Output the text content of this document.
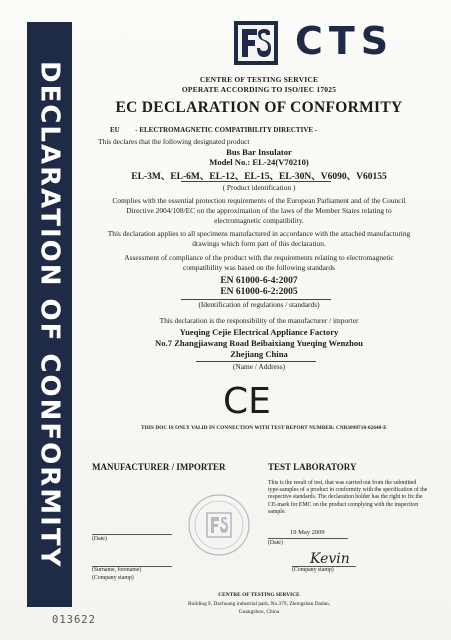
DECLARATION OF CONFORMITY
CTS
CENTRE OF TESTING SERVICE
OPERATE ACCORDING TO ISO/IEC 17025
EC DECLARATION OF CONFORMITY
EU - ELECTROMAGNETIC COMPATIBILITY DIRECTIVE -
This declares that the following designated product
Bus Bar Insulator
Model No.: EL-24(V70210)
EL-3M、EL-6M、EL-12、EL-15、EL-30N、V6090、V60155
( Product identification )
Complies with the essential protection requirements of the European Parliament and of the Council
Directive 2004/108/EC on the approximation of the laws of the Member States relating to
electromagnetic compatibility.
This declaration applies to all specimens manufactured in accordance with the attached manufacturing
drawings which form part of this declaration.
Assessment of compliance of the product with the requirements relating to electromagnetic
compatibility was based on the following standards
EN 61000-6-4:2007
EN 61000-6-2:2005
(Identification of regulations / standards)
This declaration is the responsibility of the manufacturer / importer
Yueqing Cejie Electrical Appliance Factory
No.7 Zhangjiawang Road Beibaixiang Yueqing Wenzhou
Zhejiang China
(Name / Address)
CE
THIS DOC IS ONLY VALID IN CONNECTION WITH TEST REPORT NUMBER: CNB3090710-02648-E
MANUFACTURER / IMPORTER	TEST LABORATORY
This is the result of test, that was carried out from the submitted type-samples of a product in conformity with the specification of the respective standards. The declaration holder has the right to fix the CE-mark for EMC on the product complying with the inspection sample.
(Date)
(Surname, forename)
(Company stamp)
19 May 2009
(Date)
Kevin
(Company stamp)
CENTRE OF TESTING SERVICE
Building F, Dachuang industrial park, No.379, Zhongshan Dadao,
Guangzhou, China
013622
